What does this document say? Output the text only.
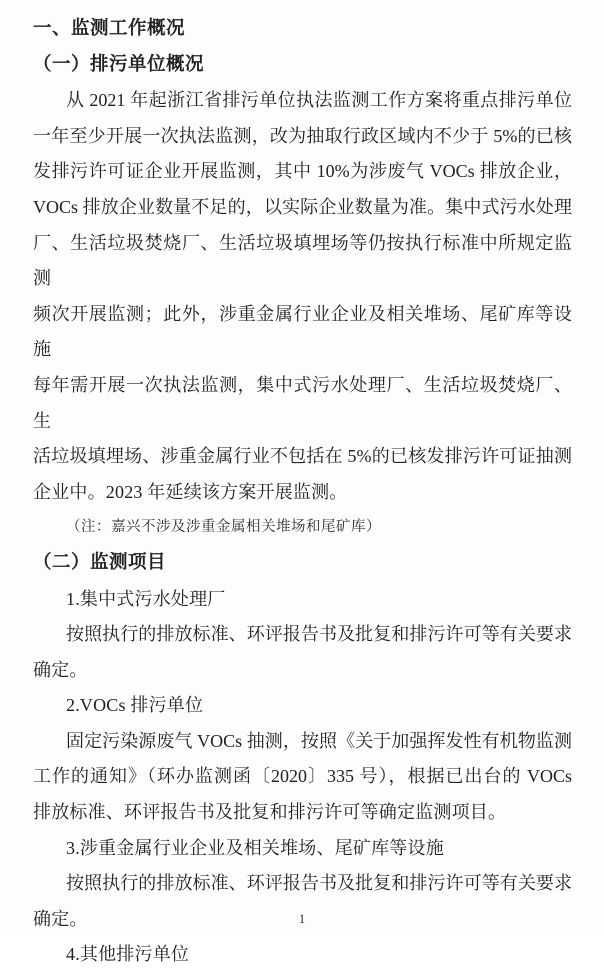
一、监测工作概况
（一）排污单位概况
从 2021 年起浙江省排污单位执法监测工作方案将重点排污单位
一年至少开展一次执法监测，改为抽取行政区域内不少于 5%的已核
发排污许可证企业开展监测，其中 10%为涉废气 VOCs 排放企业，
VOCs 排放企业数量不足的，以实际企业数量为准。集中式污水处理
厂、生活垃圾焚烧厂、生活垃圾填埋场等仍按执行标准中所规定监测
频次开展监测；此外，涉重金属行业企业及相关堆场、尾矿库等设施
每年需开展一次执法监测，集中式污水处理厂、生活垃圾焚烧厂、生
活垃圾填埋场、涉重金属行业不包括在 5%的已核发排污许可证抽测
企业中。2023 年延续该方案开展监测。
（注：嘉兴不涉及涉重金属相关堆场和尾矿库）
（二）监测项目
1.集中式污水处理厂
按照执行的排放标准、环评报告书及批复和排污许可等有关要求
确定。
2.VOCs 排污单位
固定污染源废气 VOCs 抽测，按照《关于加强挥发性有机物监测
工作的通知》（环办监测函〔2020〕335 号），根据已出台的 VOCs
排放标准、环评报告书及批复和排污许可等确定监测项目。
3.涉重金属行业企业及相关堆场、尾矿库等设施
按照执行的排放标准、环评报告书及批复和排污许可等有关要求
确定。
4.其他排污单位
1
